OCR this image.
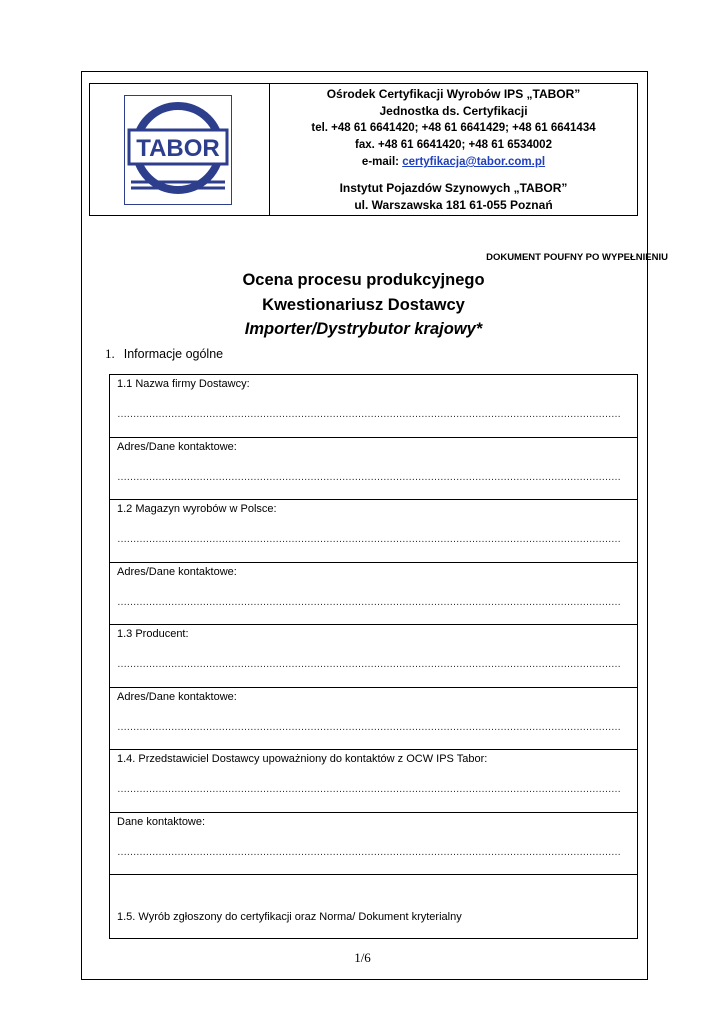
TABOR
Ośrodek Certyfikacji Wyrobów IPS „TABOR”
Jednostka ds. Certyfikacji
tel. +48 61 6641420; +48 61 6641429; +48 61 6641434
fax. +48 61 6641420; +48 61 6534002
e-mail: certyfikacja@tabor.com.pl
Instytut Pojazdów Szynowych „TABOR”
ul. Warszawska 181 61-055 Poznań
DOKUMENT POUFNY PO WYPEŁNIENIU
Ocena procesu produkcyjnego
Kwestionariusz Dostawcy
Importer/Dystrybutor krajowy*
1. Informacje ogólne
1.1 Nazwa firmy Dostawcy:
……………………………………………………………………………………………………………………………………………
Adres/Dane kontaktowe:
……………………………………………………………………………………………………………………………………………
1.2 Magazyn wyrobów w Polsce:
……………………………………………………………………………………………………………………………………………
Adres/Dane kontaktowe:
……………………………………………………………………………………………………………………………………………
1.3 Producent:
……………………………………………………………………………………………………………………………………………
Adres/Dane kontaktowe:
……………………………………………………………………………………………………………………………………………
1.4. Przedstawiciel Dostawcy upoważniony do kontaktów z OCW IPS Tabor:
……………………………………………………………………………………………………………………………………………
Dane kontaktowe:
……………………………………………………………………………………………………………………………………………
1.5. Wyrób zgłoszony do certyfikacji oraz Norma/ Dokument kryterialny
1/6
